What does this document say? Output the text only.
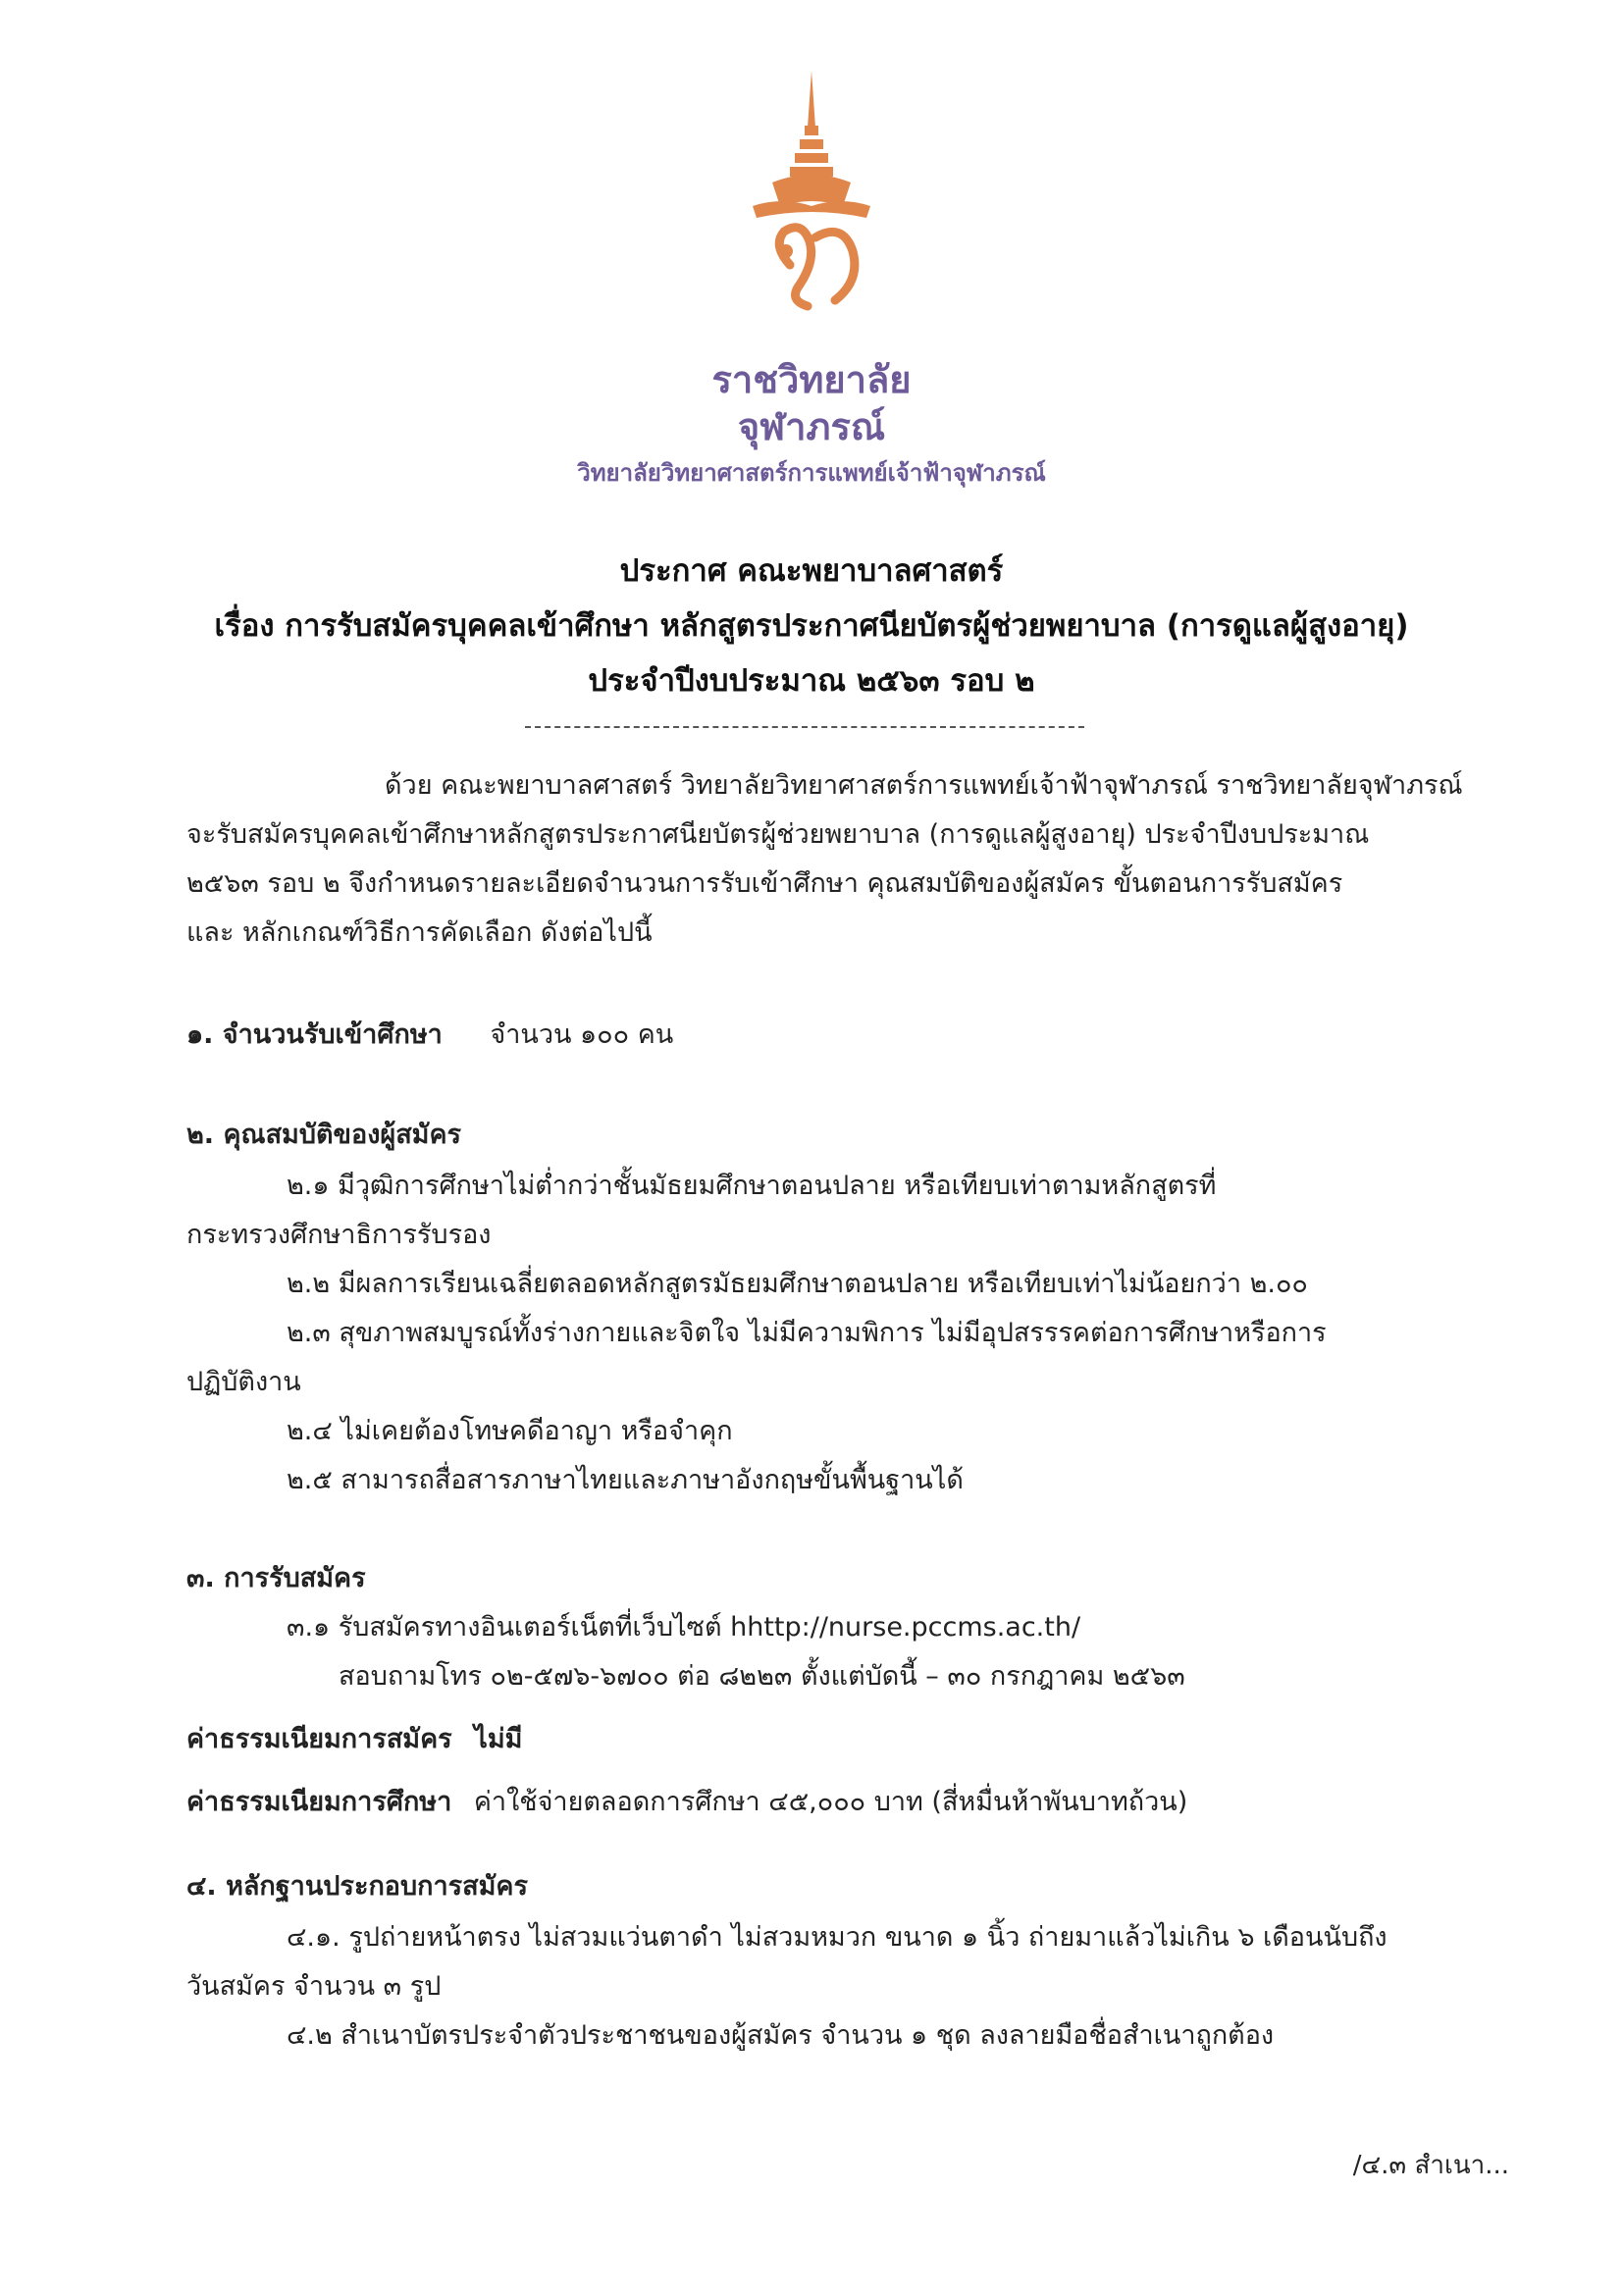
ราชวิทยาลัย
จุฬาภรณ์
วิทยาลัยวิทยาศาสตร์การแพทย์เจ้าฟ้าจุฬาภรณ์
ประกาศ คณะพยาบาลศาสตร์
เรื่อง การรับสมัครบุคคลเข้าศึกษา หลักสูตรประกาศนียบัตรผู้ช่วยพยาบาล (การดูแลผู้สูงอายุ)
ประจำปีงบประมาณ ๒๕๖๓ รอบ ๒
ด้วย คณะพยาบาลศาสตร์ วิทยาลัยวิทยาศาสตร์การแพทย์เจ้าฟ้าจุฬาภรณ์ ราชวิทยาลัยจุฬาภรณ์
จะรับสมัครบุคคลเข้าศึกษาหลักสูตรประกาศนียบัตรผู้ช่วยพยาบาล (การดูแลผู้สูงอายุ) ประจำปีงบประมาณ
๒๕๖๓ รอบ ๒ จึงกำหนดรายละเอียดจำนวนการรับเข้าศึกษา คุณสมบัติของผู้สมัคร ขั้นตอนการรับสมัคร
และ หลักเกณฑ์วิธีการคัดเลือก ดังต่อไปนี้
๑. จำนวนรับเข้าศึกษา จำนวน ๑๐๐ คน
๒. คุณสมบัติของผู้สมัคร
๒.๑ มีวุฒิการศึกษาไม่ต่ำกว่าชั้นมัธยมศึกษาตอนปลาย หรือเทียบเท่าตามหลักสูตรที่
กระทรวงศึกษาธิการรับรอง
๒.๒ มีผลการเรียนเฉลี่ยตลอดหลักสูตรมัธยมศึกษาตอนปลาย หรือเทียบเท่าไม่น้อยกว่า ๒.๐๐
๒.๓ สุขภาพสมบูรณ์ทั้งร่างกายและจิตใจ ไม่มีความพิการ ไม่มีอุปสรรรคต่อการศึกษาหรือการ
ปฏิบัติงาน
๒.๔ ไม่เคยต้องโทษคดีอาญา หรือจำคุก
๒.๕ สามารถสื่อสารภาษาไทยและภาษาอังกฤษขั้นพื้นฐานได้
๓. การรับสมัคร
๓.๑ รับสมัครทางอินเตอร์เน็ตที่เว็บไซต์ hhttp://nurse.pccms.ac.th/
สอบถามโทร ๐๒-๕๗๖-๖๗๐๐ ต่อ ๘๒๒๓ ตั้งแต่บัดนี้ – ๓๐ กรกฎาคม ๒๕๖๓
ค่าธรรมเนียมการสมัคร ไม่มี
ค่าธรรมเนียมการศึกษา ค่าใช้จ่ายตลอดการศึกษา ๔๕,๐๐๐ บาท (สี่หมื่นห้าพันบาทถ้วน)
๔. หลักฐานประกอบการสมัคร
๔.๑. รูปถ่ายหน้าตรง ไม่สวมแว่นตาดำ ไม่สวมหมวก ขนาด ๑ นิ้ว ถ่ายมาแล้วไม่เกิน ๖ เดือนนับถึง
วันสมัคร จำนวน ๓ รูป
๔.๒ สำเนาบัตรประจำตัวประชาชนของผู้สมัคร จำนวน ๑ ชุด ลงลายมือชื่อสำเนาถูกต้อง
/๔.๓ สำเนา...
